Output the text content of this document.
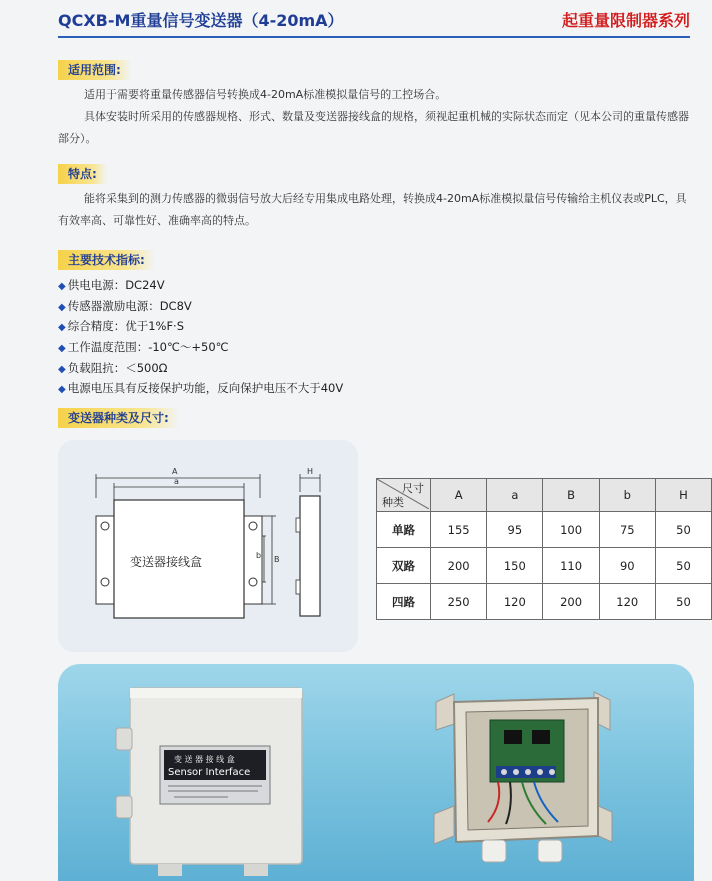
QCXB-M重量信号变送器（4-20mA）	起重量限制器系列
适用范围:

适用于需要将重量传感器信号转换成4-20mA标准模拟量信号的工控场合。
具体安装时所采用的传感器规格、形式、数量及变送器接线盒的规格，须视起重机械的实际状态而定（见本公司的重量传感器部分）。

特点:

能将采集到的测力传感器的微弱信号放大后经专用集成电路处理，转换成4-20mA标准模拟量信号传输给主机仪表或PLC，具有效率高、可靠性好、准确率高的特点。

主要技术指标:
◆ 供电电源：DC24V
◆ 传感器激励电源：DC8V
◆ 综合精度：优于1%F·S
◆ 工作温度范围：-10℃～+50℃
◆ 负载阻抗：＜500Ω
◆ 电源电压具有反接保护功能，反向保护电压不大于40V
变送器种类及尺寸:
A
a
变送器接线盒	B
b
H
尺寸
种类	A	a	B	b	H
单路	155	95	100	75	50
双路	200	150	110	90	50
四路	250	120	200	120	50
变 送 器 接 线 盒
Sensor Interface
